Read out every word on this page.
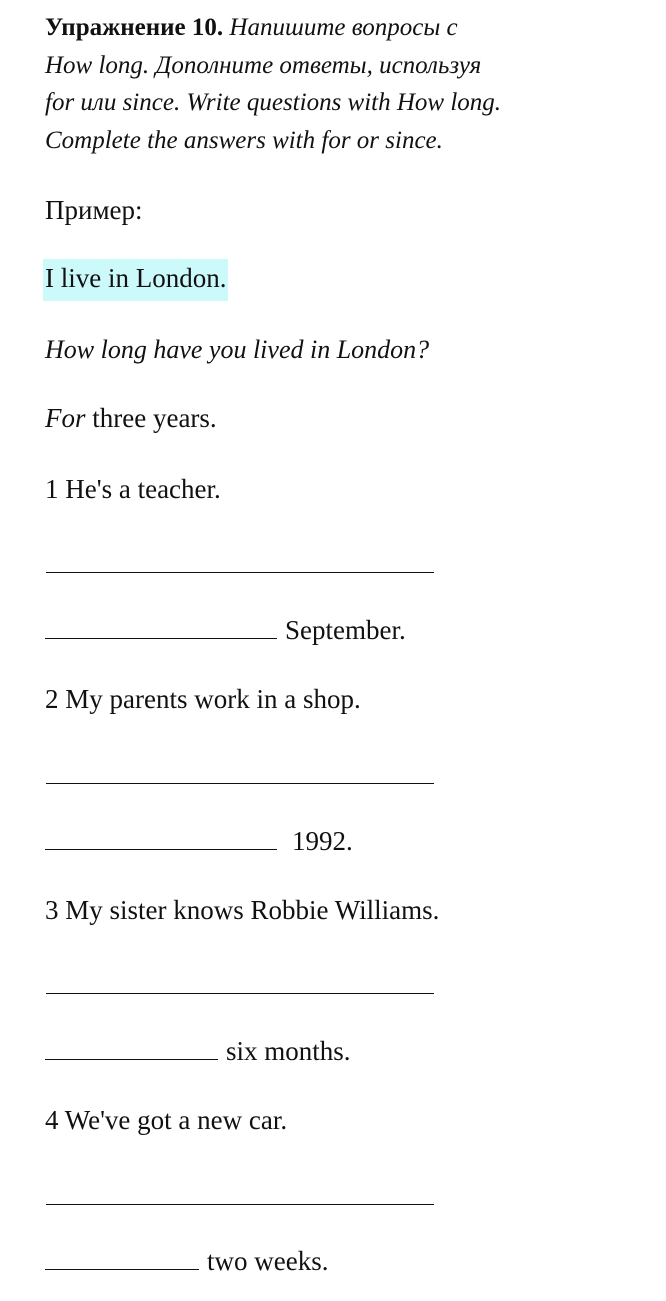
Упражнение 10. Напишите вопросы с
How long. Дополните ответы, используя
for или since. Write questions with How long.
Complete the answers with for or since.
Пример:
I live in London.
How long have you lived in London?
For three years.
1 He's a teacher.
September.
2 My parents work in a shop.
1992.
3 My sister knows Robbie Williams.
six months.
4 We've got a new car.
two weeks.
